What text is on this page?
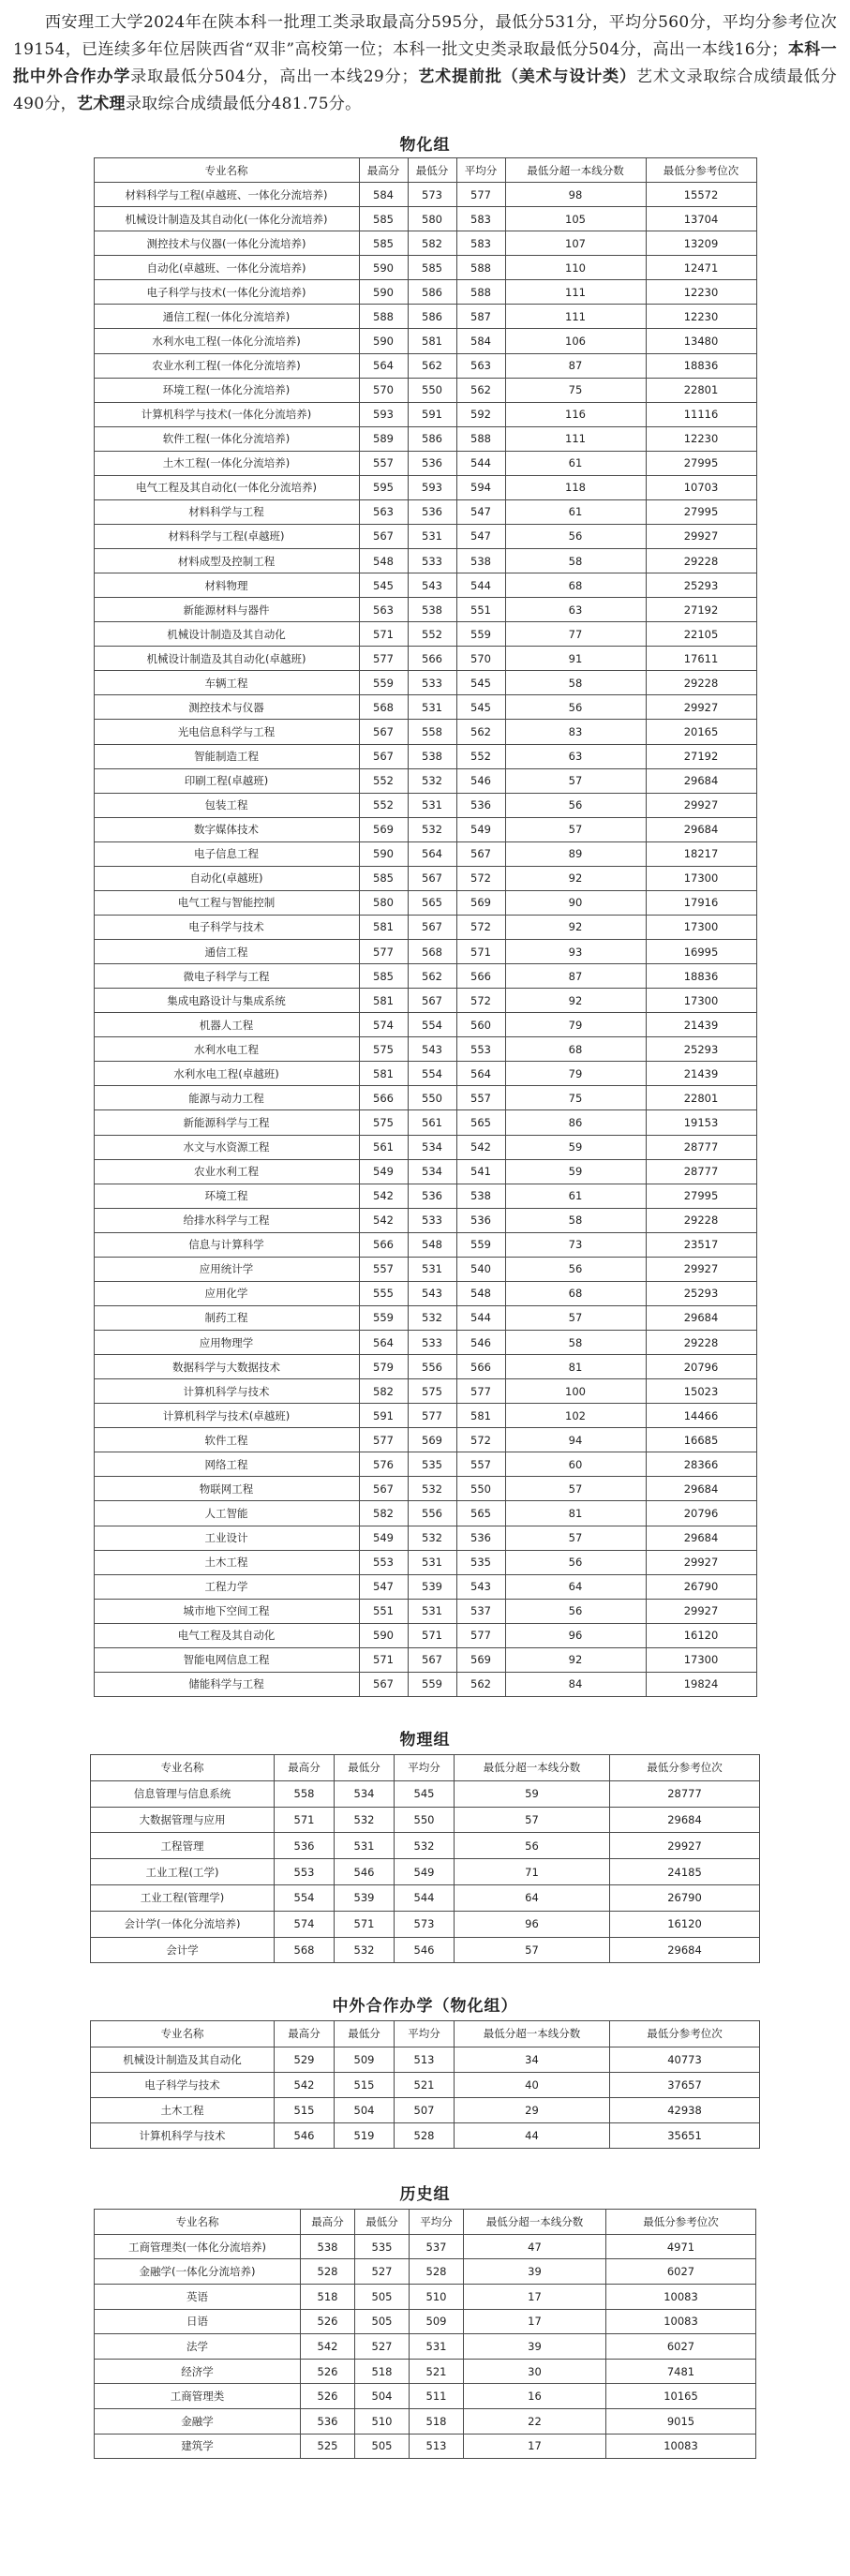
西安理工大学2024年在陕本科一批理工类录取最高分595分，最低分531分，平均分560分，平均分参考位次19154，已连续多年位居陕西省“双非”高校第一位；本科一批文史类录取最低分504分，高出一本线16分；本科一批中外合作办学录取最低分504分，高出一本线29分；艺术提前批（美术与设计类）艺术文录取综合成绩最低分490分，艺术理录取综合成绩最低分481.75分。
物化组
专业名称	最高分	最低分	平均分	最低分超一本线分数	最低分参考位次
材料科学与工程(卓越班、一体化分流培养)	584	573	577	98	15572
机械设计制造及其自动化(一体化分流培养)	585	580	583	105	13704
测控技术与仪器(一体化分流培养)	585	582	583	107	13209
自动化(卓越班、一体化分流培养)	590	585	588	110	12471
电子科学与技术(一体化分流培养)	590	586	588	111	12230
通信工程(一体化分流培养)	588	586	587	111	12230
水利水电工程(一体化分流培养)	590	581	584	106	13480
农业水利工程(一体化分流培养)	564	562	563	87	18836
环境工程(一体化分流培养)	570	550	562	75	22801
计算机科学与技术(一体化分流培养)	593	591	592	116	11116
软件工程(一体化分流培养)	589	586	588	111	12230
土木工程(一体化分流培养)	557	536	544	61	27995
电气工程及其自动化(一体化分流培养)	595	593	594	118	10703
材料科学与工程	563	536	547	61	27995
材料科学与工程(卓越班)	567	531	547	56	29927
材料成型及控制工程	548	533	538	58	29228
材料物理	545	543	544	68	25293
新能源材料与器件	563	538	551	63	27192
机械设计制造及其自动化	571	552	559	77	22105
机械设计制造及其自动化(卓越班)	577	566	570	91	17611
车辆工程	559	533	545	58	29228
测控技术与仪器	568	531	545	56	29927
光电信息科学与工程	567	558	562	83	20165
智能制造工程	567	538	552	63	27192
印刷工程(卓越班)	552	532	546	57	29684
包装工程	552	531	536	56	29927
数字媒体技术	569	532	549	57	29684
电子信息工程	590	564	567	89	18217
自动化(卓越班)	585	567	572	92	17300
电气工程与智能控制	580	565	569	90	17916
电子科学与技术	581	567	572	92	17300
通信工程	577	568	571	93	16995
微电子科学与工程	585	562	566	87	18836
集成电路设计与集成系统	581	567	572	92	17300
机器人工程	574	554	560	79	21439
水利水电工程	575	543	553	68	25293
水利水电工程(卓越班)	581	554	564	79	21439
能源与动力工程	566	550	557	75	22801
新能源科学与工程	575	561	565	86	19153
水文与水资源工程	561	534	542	59	28777
农业水利工程	549	534	541	59	28777
环境工程	542	536	538	61	27995
给排水科学与工程	542	533	536	58	29228
信息与计算科学	566	548	559	73	23517
应用统计学	557	531	540	56	29927
应用化学	555	543	548	68	25293
制药工程	559	532	544	57	29684
应用物理学	564	533	546	58	29228
数据科学与大数据技术	579	556	566	81	20796
计算机科学与技术	582	575	577	100	15023
计算机科学与技术(卓越班)	591	577	581	102	14466
软件工程	577	569	572	94	16685
网络工程	576	535	557	60	28366
物联网工程	567	532	550	57	29684
人工智能	582	556	565	81	20796
工业设计	549	532	536	57	29684
土木工程	553	531	535	56	29927
工程力学	547	539	543	64	26790
城市地下空间工程	551	531	537	56	29927
电气工程及其自动化	590	571	577	96	16120
智能电网信息工程	571	567	569	92	17300
储能科学与工程	567	559	562	84	19824
物理组
专业名称	最高分	最低分	平均分	最低分超一本线分数	最低分参考位次
信息管理与信息系统	558	534	545	59	28777
大数据管理与应用	571	532	550	57	29684
工程管理	536	531	532	56	29927
工业工程(工学)	553	546	549	71	24185
工业工程(管理学)	554	539	544	64	26790
会计学(一体化分流培养)	574	571	573	96	16120
会计学	568	532	546	57	29684
中外合作办学（物化组）
专业名称	最高分	最低分	平均分	最低分超一本线分数	最低分参考位次
机械设计制造及其自动化	529	509	513	34	40773
电子科学与技术	542	515	521	40	37657
土木工程	515	504	507	29	42938
计算机科学与技术	546	519	528	44	35651
历史组
专业名称	最高分	最低分	平均分	最低分超一本线分数	最低分参考位次
工商管理类(一体化分流培养)	538	535	537	47	4971
金融学(一体化分流培养)	528	527	528	39	6027
英语	518	505	510	17	10083
日语	526	505	509	17	10083
法学	542	527	531	39	6027
经济学	526	518	521	30	7481
工商管理类	526	504	511	16	10165
金融学	536	510	518	22	9015
建筑学	525	505	513	17	10083
